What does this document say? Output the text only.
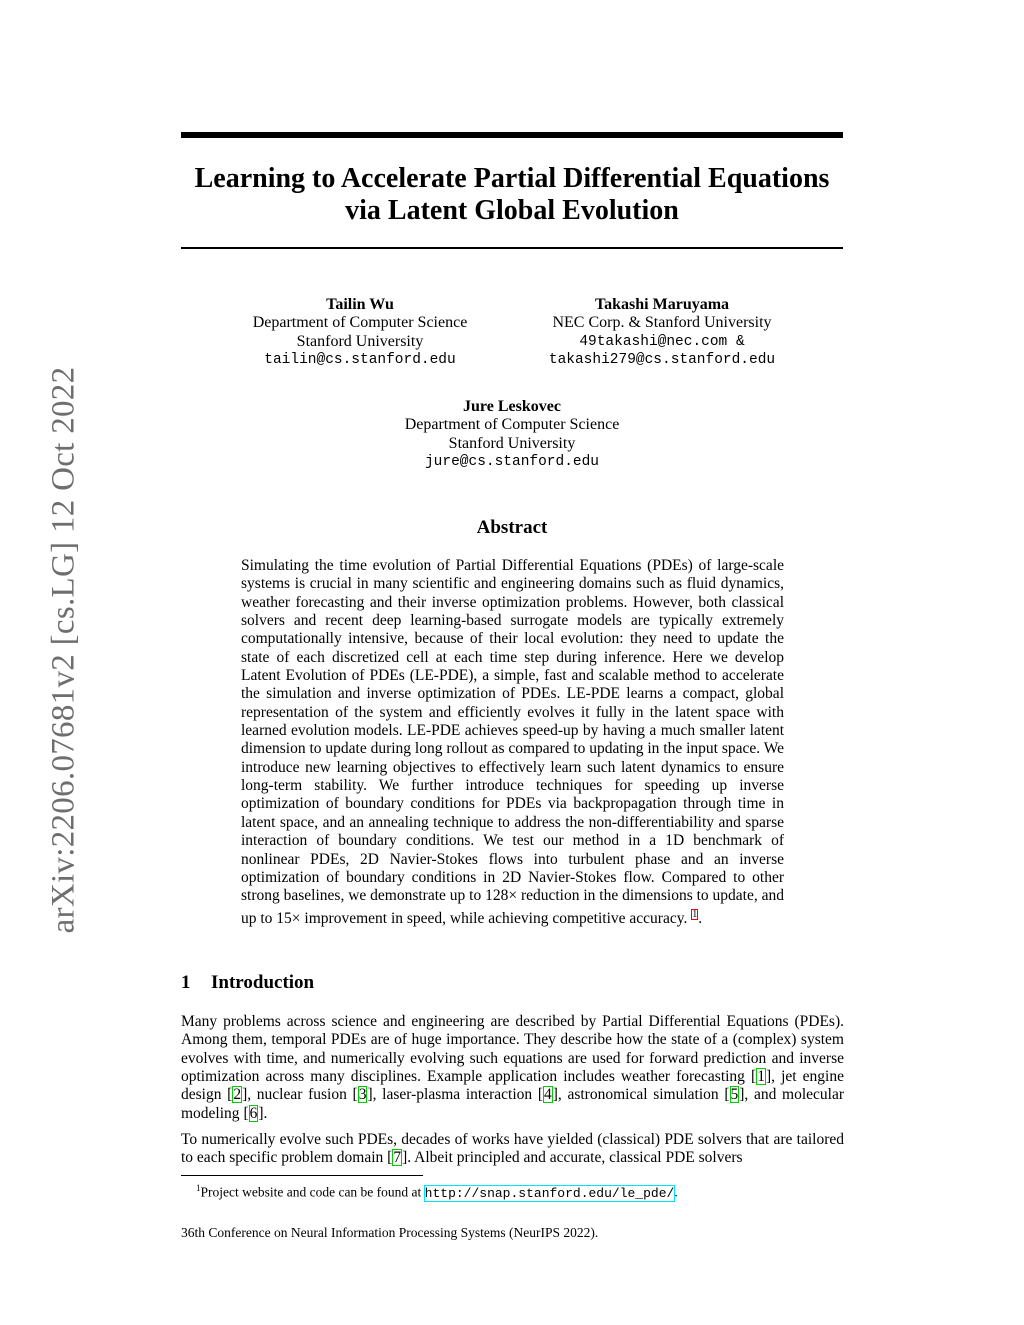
arXiv:2206.07681v2 [cs.LG] 12 Oct 2022
Learning to Accelerate Partial Differential Equations
via Latent Global Evolution
Tailin Wu
Department of Computer Science
Stanford University
tailin@cs.stanford.edu
Takashi Maruyama
NEC Corp. & Stanford University
49takashi@nec.com &
takashi279@cs.stanford.edu
Jure Leskovec
Department of Computer Science
Stanford University
jure@cs.stanford.edu
Abstract

Simulating the time evolution of Partial Differential Equations (PDEs) of large-scale systems is crucial in many scientific and engineering domains such as fluid dynamics, weather forecasting and their inverse optimization problems. However, both classical solvers and recent deep learning-based surrogate models are typically extremely computationally intensive, because of their local evolution: they need to update the state of each discretized cell at each time step during inference. Here we develop Latent Evolution of PDEs (LE-PDE), a simple, fast and scalable method to accelerate the simulation and inverse optimization of PDEs. LE-PDE learns a compact, global representation of the system and efficiently evolves it fully in the latent space with learned evolution models. LE-PDE achieves speed-up by having a much smaller latent dimension to update during long rollout as compared to updating in the input space. We introduce new learning objectives to effectively learn such latent dynamics to ensure long-term stability. We further introduce techniques for speeding up inverse optimization of boundary conditions for PDEs via backpropagation through time in latent space, and an annealing technique to address the non-differentiability and sparse interaction of boundary conditions. We test our method in a 1D benchmark of nonlinear PDEs, 2D Navier-Stokes flows into turbulent phase and an inverse optimization of boundary conditions in 2D Navier-Stokes flow. Compared to other strong baselines, we demonstrate up to 128× reduction in the dimensions to update, and up to 15× improvement in speed, while achieving competitive accuracy. $^1$.

1 Introduction

Many problems across science and engineering are described by Partial Differential Equations (PDEs). Among them, temporal PDEs are of huge importance. They describe how the state of a (complex) system evolves with time, and numerically evolving such equations are used for forward prediction and inverse optimization across many disciplines. Example application includes weather forecasting [1], jet engine design [2], nuclear fusion [3], laser-plasma interaction [4], astronomical simulation [5], and molecular modeling [6].

To numerically evolve such PDEs, decades of works have yielded (classical) PDE solvers that are tailored to each specific problem domain [7]. Albeit principled and accurate, classical PDE solvers

$^1$Project website and code can be found at http://snap.stanford.edu/le_pde/.

36th Conference on Neural Information Processing Systems (NeurIPS 2022).
